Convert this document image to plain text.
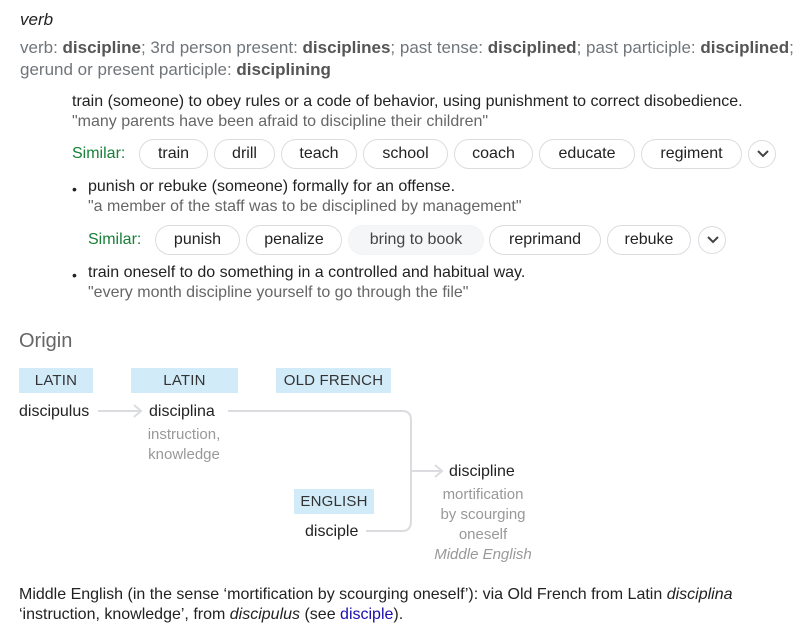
verb
verb: discipline; 3rd person present: disciplines; past tense: disciplined; past participle: disciplined; gerund or present participle: disciplining
train (someone) to obey rules or a code of behavior, using punishment to correct disobedience.
"many parents have been afraid to discipline their children"
Similar:	train	drill	teach	school	coach	educate	regiment
• punish or rebuke (someone) formally for an offense.
"a member of the staff was to be disciplined by management"
Similar:	punish	penalize	bring to book	reprimand	rebuke
• train oneself to do something in a controlled and habitual way.
"every month discipline yourself to go through the file"
Origin
LATIN	LATIN	OLD FRENCH
ENGLISH
discipulus	disciplina
instruction,
knowledge
disciple
discipline
mortification
by scourging
oneself
Middle English
Middle English (in the sense ‘mortification by scourging oneself’): via Old French from Latin disciplina
‘instruction, knowledge’, from discipulus (see disciple).
